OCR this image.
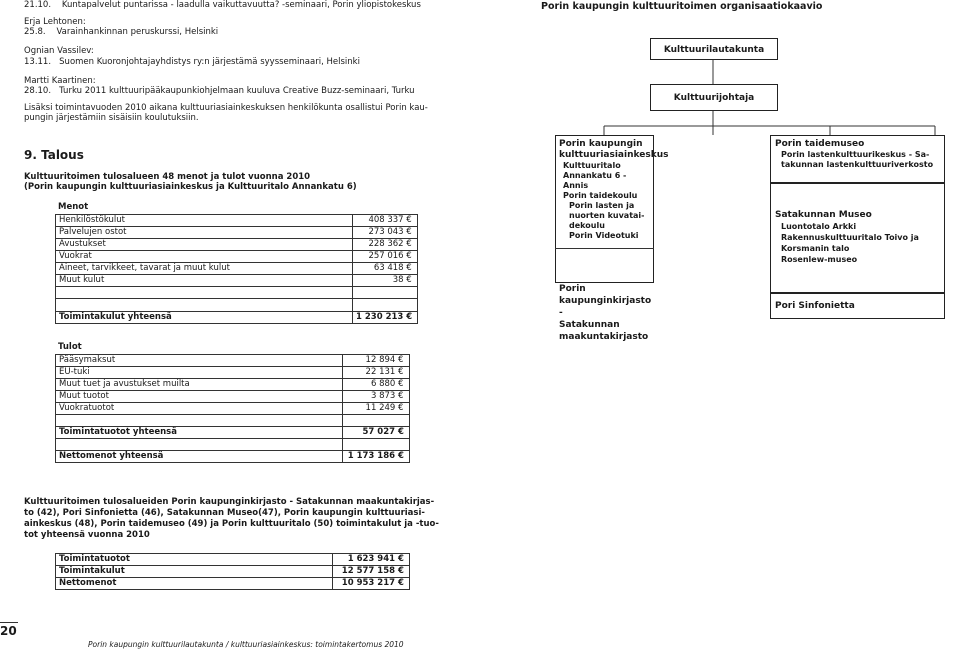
21.10. Kuntapalvelut puntarissa - laadulla vaikuttavuutta? -seminaari, Porin yliopistokeskus
Erja Lehtonen:
25.8. Varainhankinnan peruskurssi, Helsinki
Ognian Vassilev:
13.11. Suomen Kuoronjohtajayhdistys ry:n järjestämä syysseminaari, Helsinki
Martti Kaartinen:
28.10. Turku 2011 kulttuuripääkaupunkiohjelmaan kuuluva Creative Buzz-seminaari, Turku
Lisäksi toimintavuoden 2010 aikana kulttuuriasiainkeskuksen henkilökunta osallistui Porin kau-
pungin järjestämiin sisäisiin koulutuksiin.
9. Talous
Kulttuuritoimen tulosalueen 48 menot ja tulot vuonna 2010
(Porin kaupungin kulttuuriasiainkeskus ja Kulttuuritalo Annankatu 6)
Menot
Henkilöstökulut	408 337 €
Palvelujen ostot	273 043 €
Avustukset	228 362 €
Vuokrat	257 016 €
Aineet, tarvikkeet, tavarat ja muut kulut	63 418 €
Muut kulut	38 €

Toimintakulut yhteensä	1 230 213 €
Tulot
Pääsymaksut	12 894 €
EU-tuki	22 131 €
Muut tuet ja avustukset muilta	6 880 €
Muut tuotot	3 873 €
Vuokratuotot	11 249 €

Toimintatuotot yhteensä	57 027 €

Nettomenot yhteensä	1 173 186 €
Kulttuuritoimen tulosalueiden Porin kaupunginkirjasto - Satakunnan maakuntakirjas-
to (42), Pori Sinfonietta (46), Satakunnan Museo(47), Porin kaupungin kulttuuriasi-
ainkeskus (48), Porin taidemuseo (49) ja Porin kulttuuritalo (50) toimintakulut ja -tuo-
tot yhteensä vuonna 2010
Toimintatuotot	1 623 941 €
Toimintakulut	12 577 158 €
Nettomenot	10 953 217 €
20
Porin kaupungin kulttuurilautakunta / kulttuuriasiainkeskus: toimintakertomus 2010
Porin kaupungin kulttuuritoimen organisaatiokaavio
Kulttuurilautakunta
Kulttuurijohtaja
Porin kaupungin
kulttuuriasiainkeskus
Kulttuuritalo Annankatu 6 - Annis
Porin taidekoulu
Porin lasten ja nuorten kuvatai-
dekoulu
Porin Videotuki
Porin kaupunginkirjasto -
Satakunnan maakuntakirjasto
Porin taidemuseo
Porin lastenkulttuurikeskus - Sa-
takunnan lastenkulttuuriverkosto
Satakunnan Museo
Luontotalo Arkki
Rakennuskulttuuritalo Toivo ja
Korsmanin talo
Rosenlew-museo
Pori Sinfonietta
